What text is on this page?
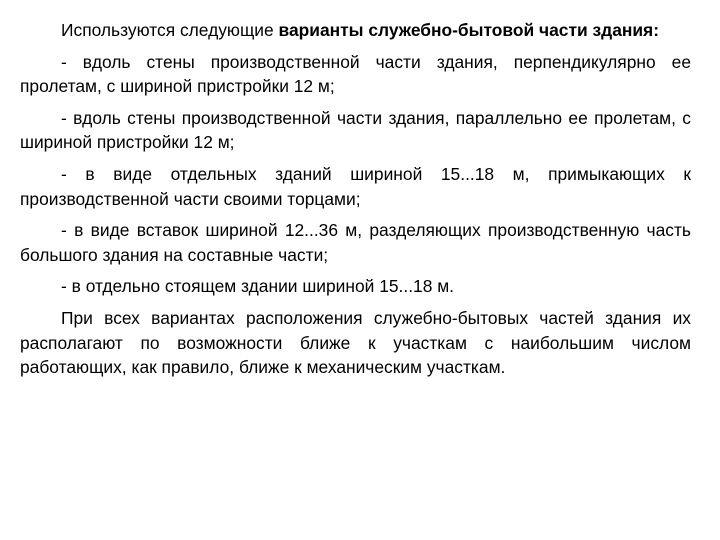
Используются следующие варианты служебно-бытовой части здания:

- вдоль стены производственной части здания, перпендикулярно ее пролетам, с шириной пристройки 12 м;

- вдоль стены производственной части здания, параллельно ее пролетам, с шириной пристройки 12 м;

- в виде отдельных зданий шириной 15...18 м, примыкающих к производственной части своими торцами;

- в виде вставок шириной 12...36 м, разделяющих производственную часть большого здания на составные части;

- в отдельно стоящем здании шириной 15...18 м.

При всех вариантах расположения служебно-бытовых частей здания их располагают по возможности ближе к участкам с наибольшим числом работающих, как правило, ближе к механическим участкам.
